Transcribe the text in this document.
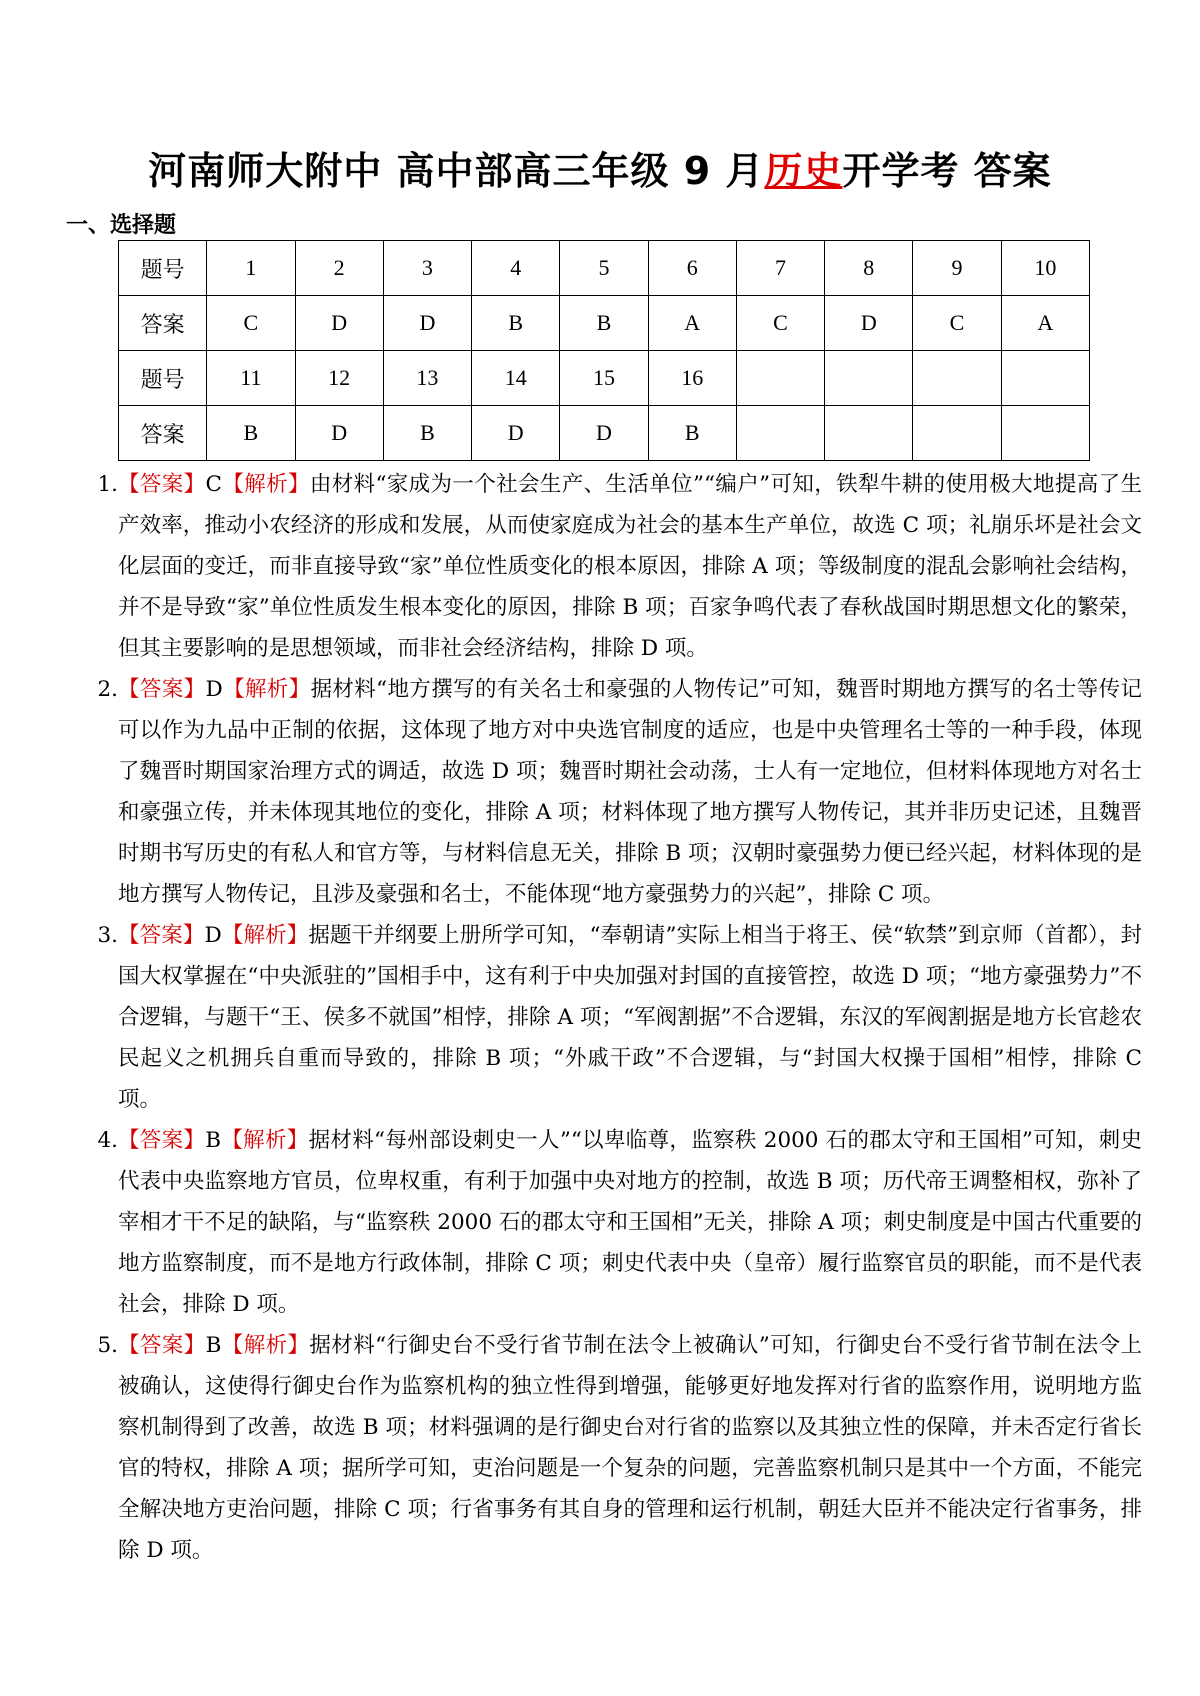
河南师大附中 高中部高三年级 9 月历史开学考 答案
一、选择题
题号	1	2	3	4	5	6	7	8	9	10
答案	C	D	D	B	B	A	C	D	C	A
题号	11	12	13	14	15	16				
答案	B	D	B	D	D	B				
1. 【答案】C【解析】由材料“家成为一个社会生产、生活单位”“编户”可知，铁犁牛耕的使用极大地提高了生产效率，推动小农经济的形成和发展，从而使家庭成为社会的基本生产单位，故选 C 项；礼崩乐坏是社会文化层面的变迁，而非直接导致“家”单位性质变化的根本原因，排除 A 项；等级制度的混乱会影响社会结构，并不是导致“家”单位性质发生根本变化的原因，排除 B 项；百家争鸣代表了春秋战国时期思想文化的繁荣，但其主要影响的是思想领域，而非社会经济结构，排除 D 项。
2. 【答案】D【解析】据材料“地方撰写的有关名士和豪强的人物传记”可知，魏晋时期地方撰写的名士等传记可以作为九品中正制的依据，这体现了地方对中央选官制度的适应，也是中央管理名士等的一种手段，体现了魏晋时期国家治理方式的调适，故选 D 项；魏晋时期社会动荡，士人有一定地位，但材料体现地方对名士和豪强立传，并未体现其地位的变化，排除 A 项；材料体现了地方撰写人物传记，其并非历史记述，且魏晋时期书写历史的有私人和官方等，与材料信息无关，排除 B 项；汉朝时豪强势力便已经兴起，材料体现的是地方撰写人物传记，且涉及豪强和名士，不能体现“地方豪强势力的兴起”，排除 C 项。
3. 【答案】D【解析】据题干并纲要上册所学可知，“奉朝请”实际上相当于将王、侯“软禁”到京师（首都），封国大权掌握在“中央派驻的”国相手中，这有利于中央加强对封国的直接管控，故选 D 项；“地方豪强势力”不合逻辑，与题干“王、侯多不就国”相悖，排除 A 项；“军阀割据”不合逻辑，东汉的军阀割据是地方长官趁农民起义之机拥兵自重而导致的，排除 B 项；“外戚干政”不合逻辑，与“封国大权操于国相”相悖，排除 C 项。
4. 【答案】B【解析】据材料“每州部设刺史一人”“以卑临尊，监察秩 2000 石的郡太守和王国相”可知，刺史代表中央监察地方官员，位卑权重，有利于加强中央对地方的控制，故选 B 项；历代帝王调整相权，弥补了宰相才干不足的缺陷，与“监察秩 2000 石的郡太守和王国相”无关，排除 A 项；刺史制度是中国古代重要的地方监察制度，而不是地方行政体制，排除 C 项；刺史代表中央（皇帝）履行监察官员的职能，而不是代表社会，排除 D 项。
5. 【答案】B【解析】据材料“行御史台不受行省节制在法令上被确认”可知，行御史台不受行省节制在法令上被确认，这使得行御史台作为监察机构的独立性得到增强，能够更好地发挥对行省的监察作用，说明地方监察机制得到了改善，故选 B 项；材料强调的是行御史台对行省的监察以及其独立性的保障，并未否定行省长官的特权，排除 A 项；据所学可知，吏治问题是一个复杂的问题，完善监察机制只是其中一个方面，不能完全解决地方吏治问题，排除 C 项；行省事务有其自身的管理和运行机制，朝廷大臣并不能决定行省事务，排除 D 项。
